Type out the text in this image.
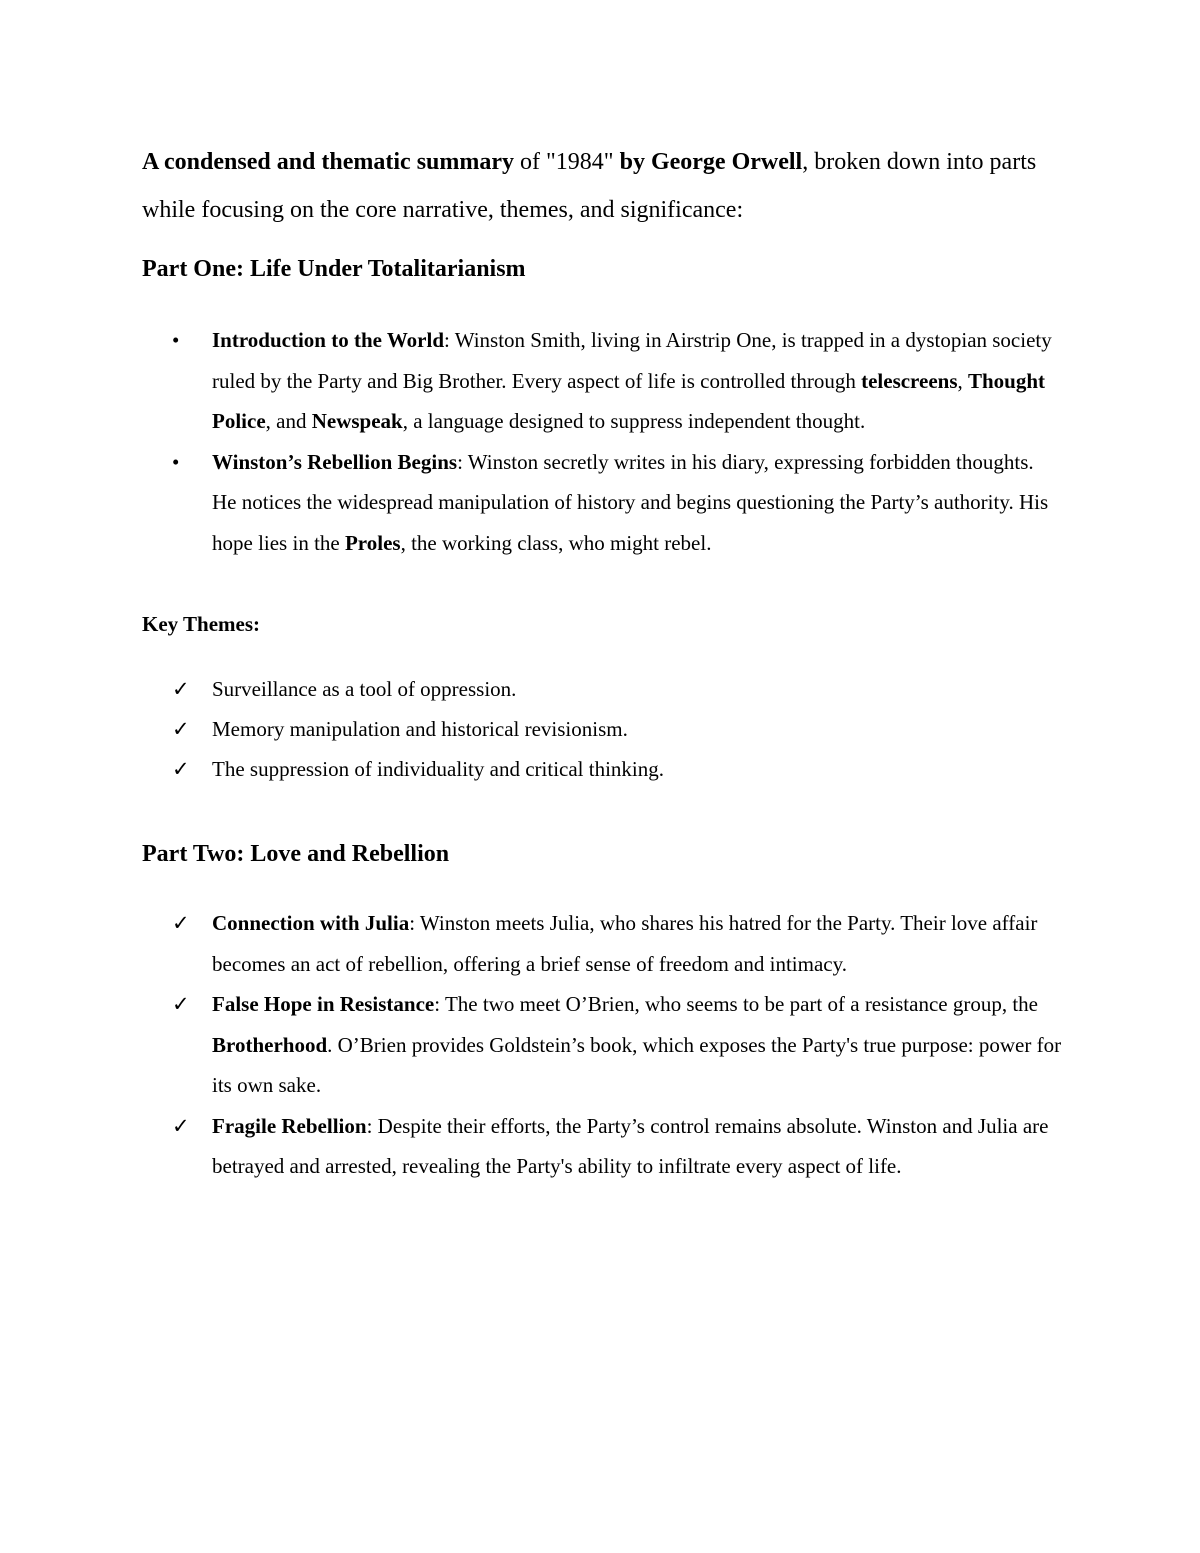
A condensed and thematic summary of "1984" by George Orwell, broken down into parts while focusing on the core narrative, themes, and significance:

Part One: Life Under Totalitarianism
•	Introduction to the World: Winston Smith, living in Airstrip One, is trapped in a dystopian society ruled by the Party and Big Brother. Every aspect of life is controlled through telescreens, Thought Police, and Newspeak, a language designed to suppress independent thought.
•	Winston’s Rebellion Begins: Winston secretly writes in his diary, expressing forbidden thoughts. He notices the widespread manipulation of history and begins questioning the Party’s authority. His hope lies in the Proles, the working class, who might rebel.

Key Themes:

✓	Surveillance as a tool of oppression.
✓	Memory manipulation and historical revisionism.
✓	The suppression of individuality and critical thinking.
Part Two: Love and Rebellion
✓	Connection with Julia: Winston meets Julia, who shares his hatred for the Party. Their love affair becomes an act of rebellion, offering a brief sense of freedom and intimacy.
✓	False Hope in Resistance: The two meet O’Brien, who seems to be part of a resistance group, the Brotherhood. O’Brien provides Goldstein’s book, which exposes the Party's true purpose: power for its own sake.
✓	Fragile Rebellion: Despite their efforts, the Party’s control remains absolute. Winston and Julia are betrayed and arrested, revealing the Party's ability to infiltrate every aspect of life.
